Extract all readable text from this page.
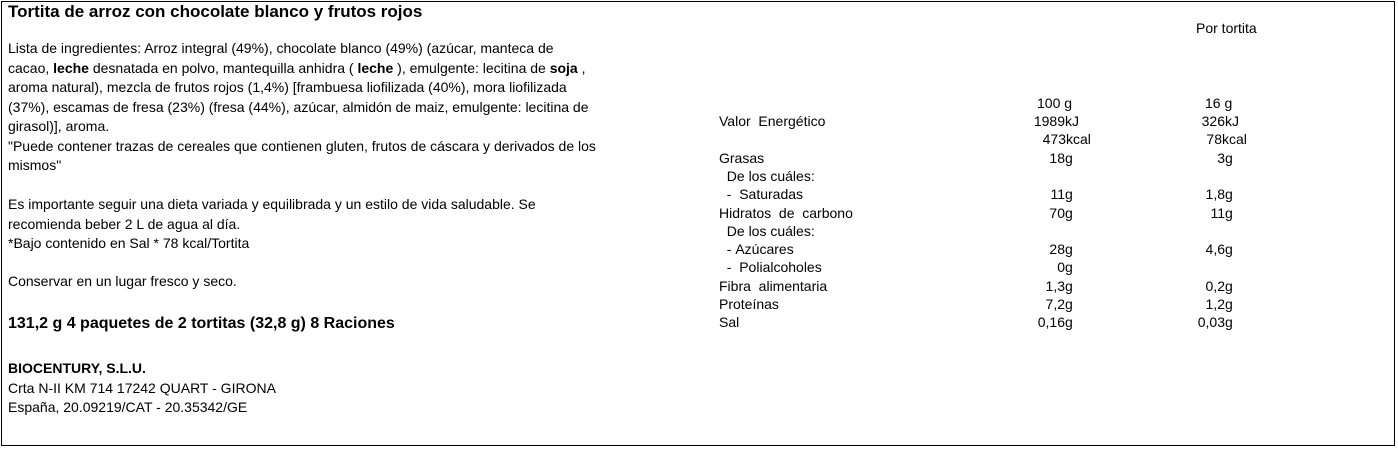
Tortita de arroz con chocolate blanco y frutos rojos
Por tortita
Lista de ingredientes: Arroz integral (49%), chocolate blanco (49%) (azúcar, manteca de
cacao, leche desnatada en polvo, mantequilla anhidra ( leche ), emulgente: lecitina de soja ,
aroma natural), mezcla de frutos rojos (1,4%) [frambuesa liofilizada (40%), mora liofilizada
(37%), escamas de fresa (23%) (fresa (44%), azúcar, almidón de maiz, emulgente: lecitina de
girasol)], aroma.
"Puede contener trazas de cereales que contienen gluten, frutos de cáscara y derivados de los
mismos"
Es importante seguir una dieta variada y equilibrada y un estilo de vida saludable. Se
recomienda beber 2 L de agua al día.
*Bajo contenido en Sal * 78 kcal/Tortita
Conservar en un lugar fresco y seco.
131,2 g 4 paquetes de 2 tortitas (32,8 g) 8 Raciones
BIOCENTURY, S.L.U.
Crta N-II KM 714 17242 QUART - GIRONA
España, 20.09219/CAT - 20.35342/GE
100 g	16 g
Valor  Energético	1989kJ	326kJ
473kcal	78kcal
Grasas	18g	3g
De los cuáles:
-  Saturadas	11g	1,8g
Hidratos  de  carbono	70g	11g
De los cuáles:
- Azúcares	28g	4,6g
-  Polialcoholes	0g
Fibra  alimentaria	1,3g	0,2g
Proteínas	7,2g	1,2g
Sal	0,16g	0,03g
